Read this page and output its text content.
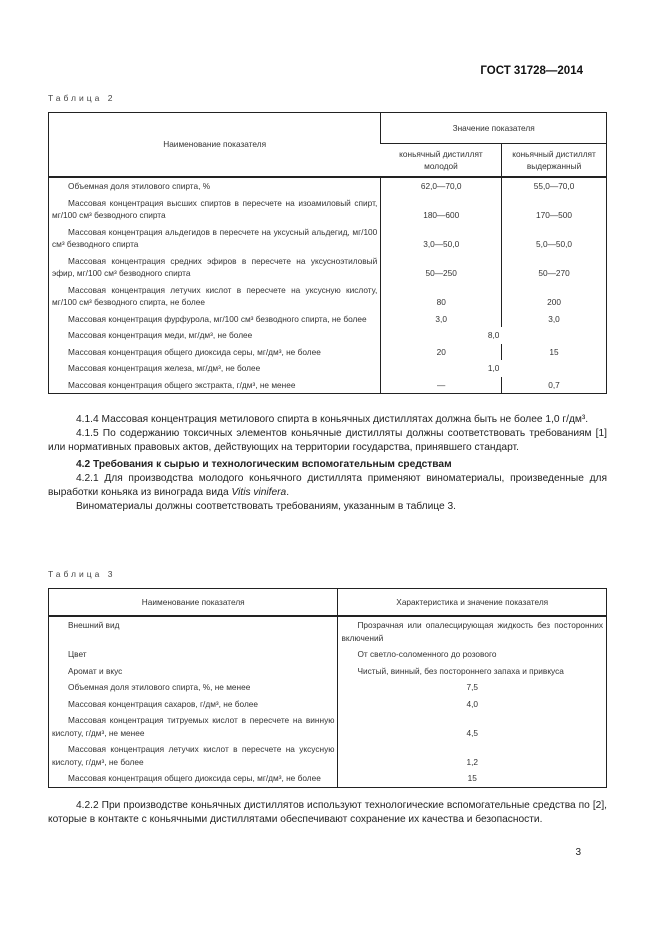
ГОСТ 31728—2014
Таблица 2
Наименование показателя	Значение показателя	
	коньячный дистиллят молодой	коньячный дистиллят выдержанный
Объемная доля этилового спирта, %	62,0—70,0	55,0—70,0
Массовая концентрация высших спиртов в пересчете на изоамиловый спирт, мг/100 см³ безводного спирта	180—600	170—500
Массовая концентрация альдегидов в пересчете на уксусный альдегид, мг/100 см³ безводного спирта	3,0—50,0	5,0—50,0
Массовая концентрация средних эфиров в пересчете на уксусноэтиловый эфир, мг/100 см³ безводного спирта	50—250	50—270
Массовая концентрация летучих кислот в пересчете на уксусную кислоту, мг/100 см³ безводного спирта, не более	80	200
Массовая концентрация фурфурола, мг/100 см³ безводного спирта, не более	3,0	3,0
Массовая концентрация меди, мг/дм³, не более	8,0	
Массовая концентрация общего диоксида серы, мг/дм³, не более	20	15
Массовая концентрация железа, мг/дм³, не более	1,0	
Массовая концентрация общего экстракта, г/дм³, не менее	—	0,7

4.1.4 Массовая концентрация метилового спирта в коньячных дистиллятах должна быть не более 1,0 г/дм³.

4.1.5 По содержанию токсичных элементов коньячные дистилляты должны соответствовать требованиям [1] или нормативных правовых актов, действующих на территории государства, принявшего стандарт.

4.2 Требования к сырью и технологическим вспомогательным средствам

4.2.1 Для производства молодого коньячного дистиллята применяют виноматериалы, произведенные для выработки коньяка из винограда вида Vitis vinifera.

Виноматериалы должны соответствовать требованиям, указанным в таблице 3.

Таблица 3
Наименование показателя	Характеристика и значение показателя
Внешний вид	Прозрачная или опалесцирующая жидкость без посторонних включений
Цвет	От светло-соломенного до розового
Аромат и вкус	Чистый, винный, без постороннего запаха и привкуса
Объемная доля этилового спирта, %, не менее	7,5
Массовая концентрация сахаров, г/дм³, не более	4,0
Массовая концентрация титруемых кислот в пересчете на винную кислоту, г/дм³, не менее	4,5
Массовая концентрация летучих кислот в пересчете на уксусную кислоту, г/дм³, не более	1,2
Массовая концентрация общего диоксида серы, мг/дм³, не более	15

4.2.2 При производстве коньячных дистиллятов используют технологические вспомогательные средства по [2], которые в контакте с коньячными дистиллятами обеспечивают сохранение их качества и безопасности.

3
